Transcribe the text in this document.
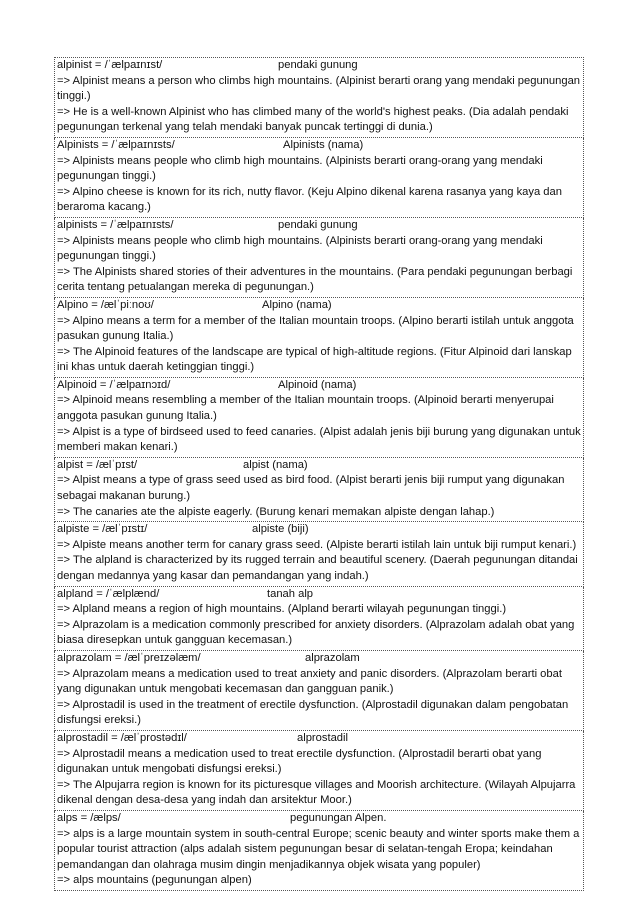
alpinist = /ˈælpaɪnɪst/	pendaki gunung

=> Alpinist means a person who climbs high mountains. (Alpinist berarti orang yang mendaki pegunungan tinggi.)

=> He is a well-known Alpinist who has climbed many of the world's highest peaks. (Dia adalah pendaki pegunungan terkenal yang telah mendaki banyak puncak tertinggi di dunia.)

Alpinists = /ˈælpaɪnɪsts/	Alpinists (nama)

=> Alpinists means people who climb high mountains. (Alpinists berarti orang-orang yang mendaki pegunungan tinggi.)

=> Alpino cheese is known for its rich, nutty flavor. (Keju Alpino dikenal karena rasanya yang kaya dan beraroma kacang.)

alpinists = /ˈælpaɪnɪsts/	pendaki gunung

=> Alpinists means people who climb high mountains. (Alpinists berarti orang-orang yang mendaki pegunungan tinggi.)

=> The Alpinists shared stories of their adventures in the mountains. (Para pendaki pegunungan berbagi cerita tentang petualangan mereka di pegunungan.)

Alpino = /ælˈpiːnoʊ/	Alpino (nama)

=> Alpino means a term for a member of the Italian mountain troops. (Alpino berarti istilah untuk anggota pasukan gunung Italia.)

=> The Alpinoid features of the landscape are typical of high-altitude regions. (Fitur Alpinoid dari lanskap ini khas untuk daerah ketinggian tinggi.)

Alpinoid = /ˈælpaɪnɔɪd/	Alpinoid (nama)

=> Alpinoid means resembling a member of the Italian mountain troops. (Alpinoid berarti menyerupai anggota pasukan gunung Italia.)

=> Alpist is a type of birdseed used to feed canaries. (Alpist adalah jenis biji burung yang digunakan untuk memberi makan kenari.)

alpist = /ælˈpɪst/	alpist (nama)

=> Alpist means a type of grass seed used as bird food. (Alpist berarti jenis biji rumput yang digunakan sebagai makanan burung.)

=> The canaries ate the alpiste eagerly. (Burung kenari memakan alpiste dengan lahap.)

alpiste = /ælˈpɪstɪ/	alpiste (biji)

=> Alpiste means another term for canary grass seed. (Alpiste berarti istilah lain untuk biji rumput kenari.)

=> The alpland is characterized by its rugged terrain and beautiful scenery. (Daerah pegunungan ditandai dengan medannya yang kasar dan pemandangan yang indah.)

alpland = /ˈælplænd/	tanah alp

=> Alpland means a region of high mountains. (Alpland berarti wilayah pegunungan tinggi.)

=> Alprazolam is a medication commonly prescribed for anxiety disorders. (Alprazolam adalah obat yang biasa diresepkan untuk gangguan kecemasan.)

alprazolam = /ælˈpreɪzəlæm/	alprazolam

=> Alprazolam means a medication used to treat anxiety and panic disorders. (Alprazolam berarti obat yang digunakan untuk mengobati kecemasan dan gangguan panik.)

=> Alprostadil is used in the treatment of erectile dysfunction. (Alprostadil digunakan dalam pengobatan disfungsi ereksi.)

alprostadil = /ælˈprostədɪl/	alprostadil

=> Alprostadil means a medication used to treat erectile dysfunction. (Alprostadil berarti obat yang digunakan untuk mengobati disfungsi ereksi.)

=> The Alpujarra region is known for its picturesque villages and Moorish architecture. (Wilayah Alpujarra dikenal dengan desa-desa yang indah dan arsitektur Moor.)

alps = /ælps/	pegunungan Alpen.

=> alps is a large mountain system in south-central Europe; scenic beauty and winter sports make them a popular tourist attraction (alps adalah sistem pegunungan besar di selatan-tengah Eropa; keindahan pemandangan dan olahraga musim dingin menjadikannya objek wisata yang populer)

=> alps mountains (pegunungan alpen)
